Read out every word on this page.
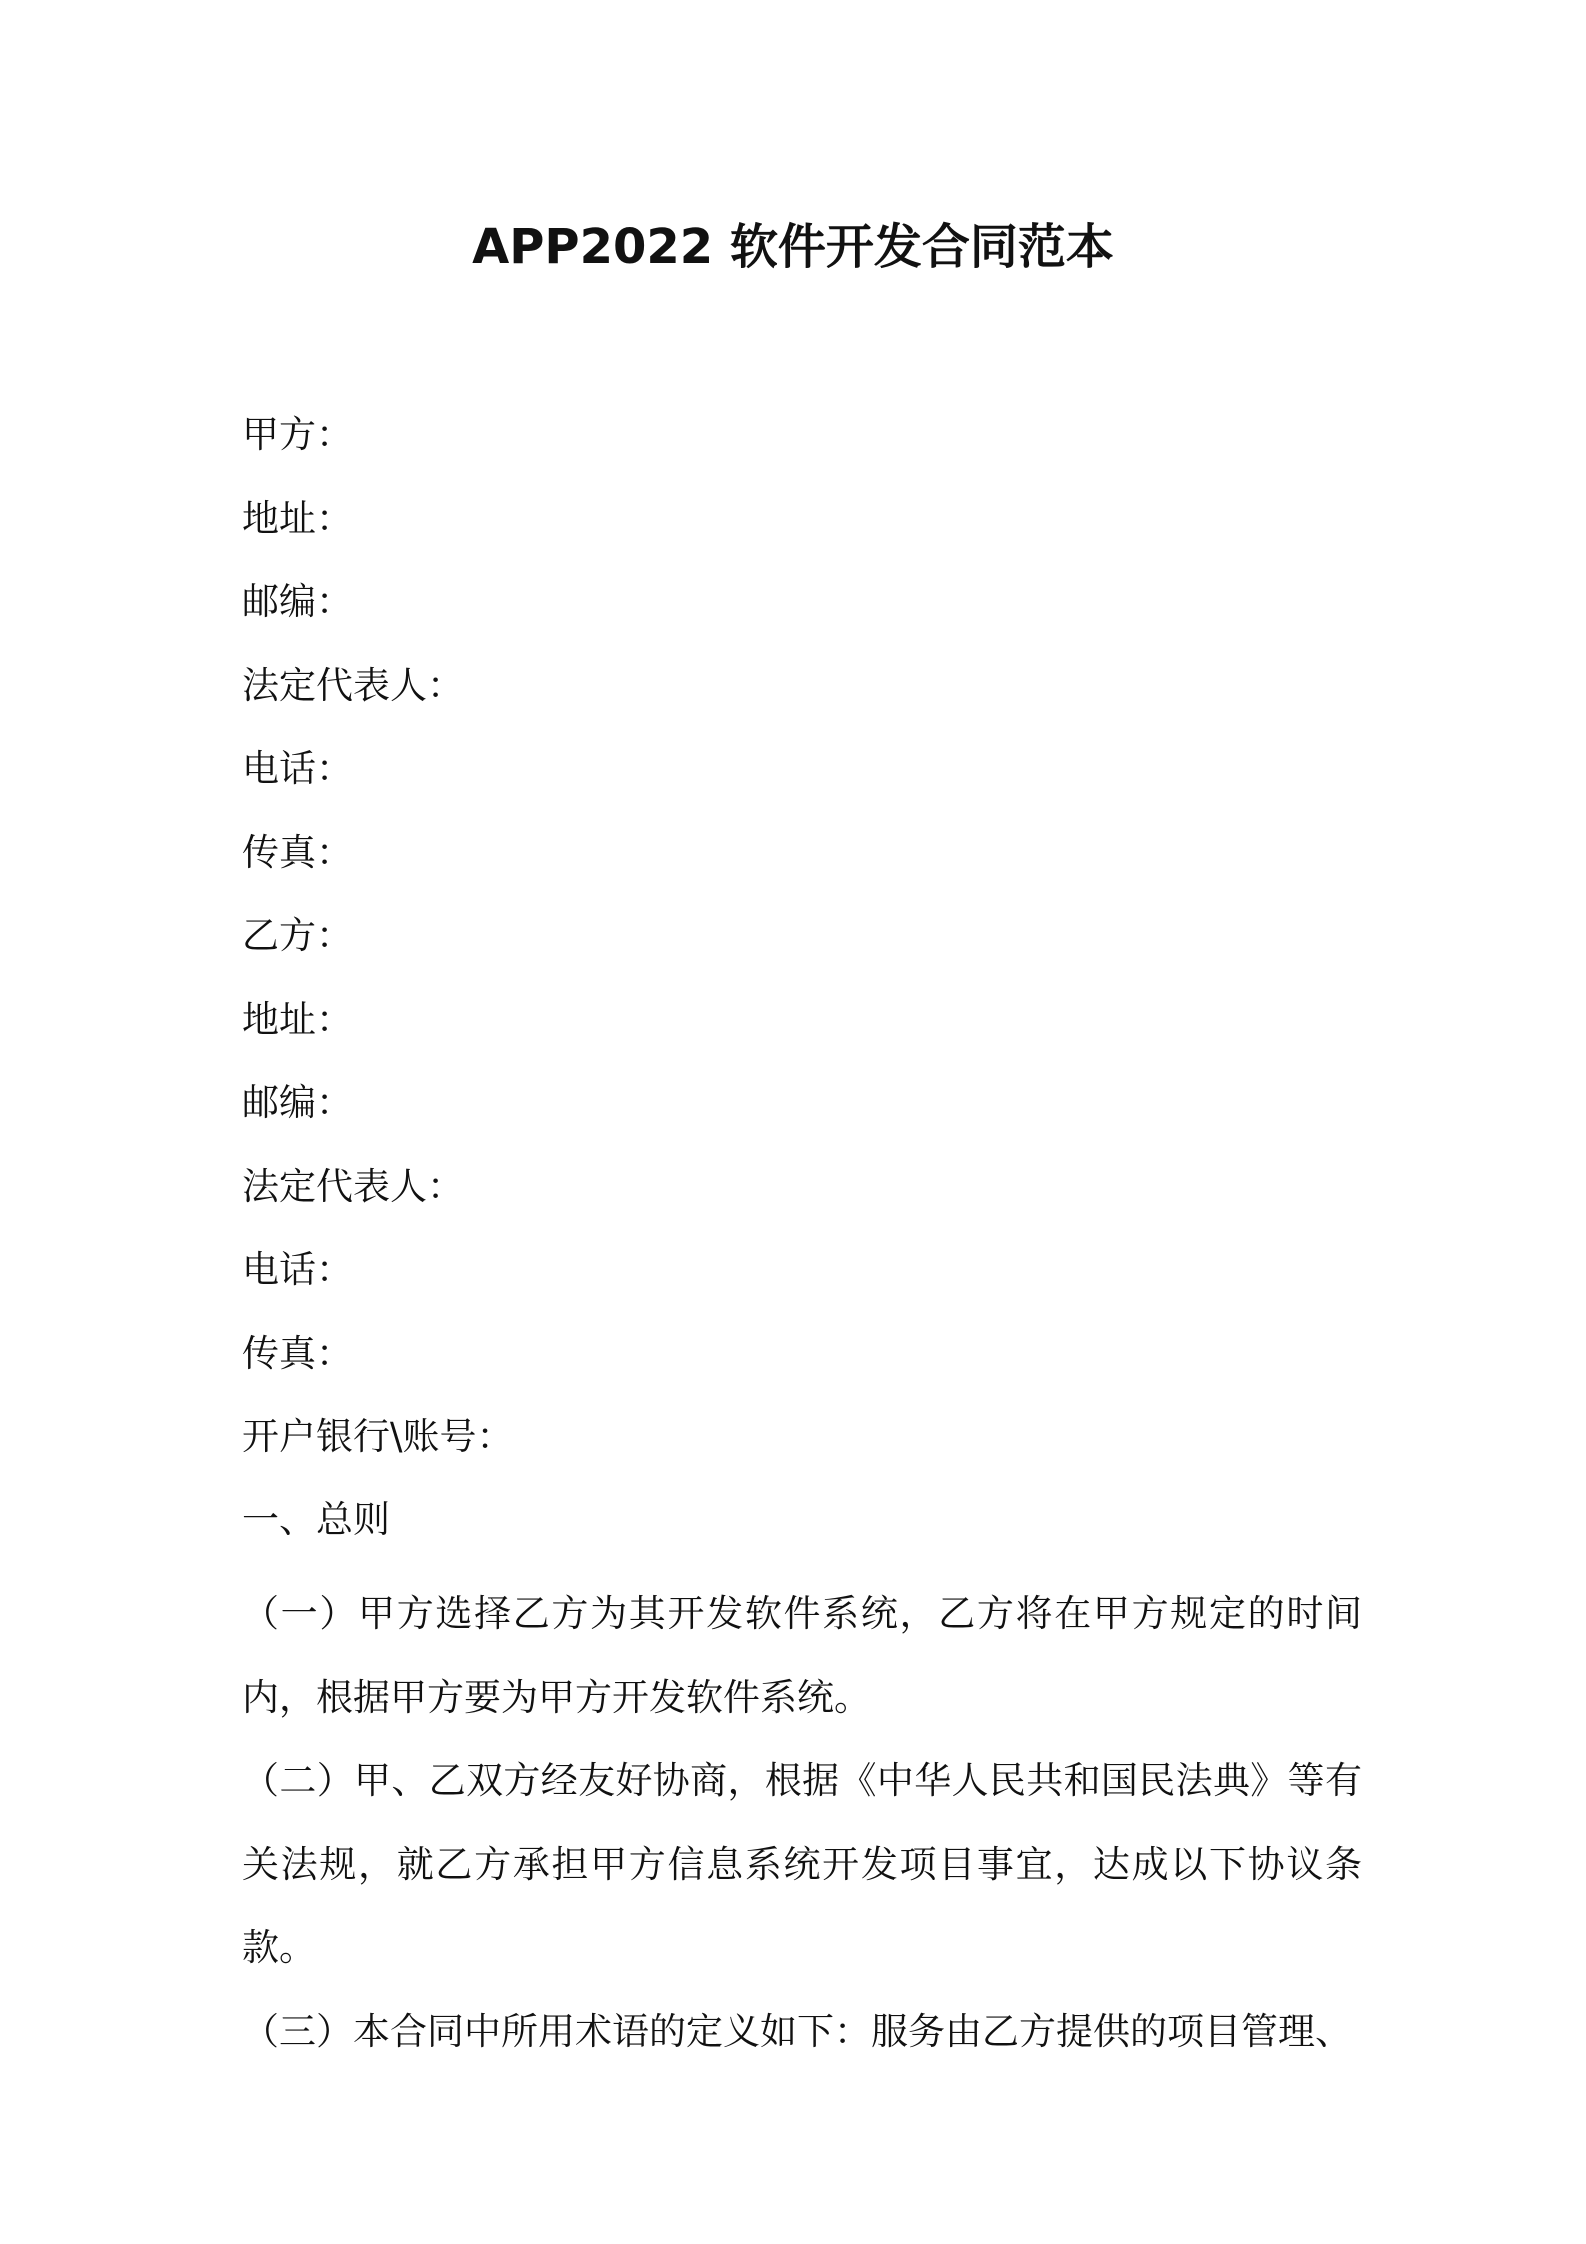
APP2022 软件开发合同范本
甲方：
地址：
邮编：
法定代表人：
电话：
传真：
乙方：
地址：
邮编：
法定代表人：
电话：
传真：
开户银行\账号：
一、总则

（一）甲方选择乙方为其开发软件系统，乙方将在甲方规定的时间内，根据甲方要为甲方开发软件系统。

（二）甲、乙双方经友好协商，根据《中华人民共和国民法典》等有关法规，就乙方承担甲方信息系统开发项目事宜，达成以下协议条款。

（三）本合同中所用术语的定义如下：服务由乙方提供的项目管理、
